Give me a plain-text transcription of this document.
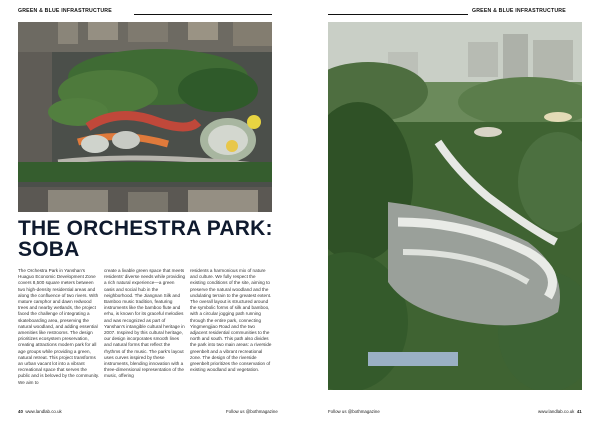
GREEN & BLUE INFRASTRUCTURE
THE ORCHESTRA PARK: SOBA

The Orchestra Park in Yanshan's Huaguo Economic Development Zone covers 8,500 square meters between two high-density residential areas and along the confluence of two rivers. With mature camphor and dawn redwood trees and nearby wetlands, the project faced the challenge of integrating a skateboarding area, preserving the natural woodland, and adding essential amenities like restrooms. The design prioritizes ecosystem preservation, creating attractions modern park for all age groups while providing a green, natural retreat. This project transforms an urban vacant lot into a vibrant recreational space that serves the public and is beloved by the community. We aim to

create a livable green space that meets residents' diverse needs while providing a rich natural experience—a green oasis and social hub in the neighborhood. The Jiangnan Silk and Bamboo music tradition, featuring instruments like the bamboo flute and erhu, is known for its graceful melodies and was recognized as part of Yanshan's intangible cultural heritage in 2007. Inspired by this cultural heritage, our design incorporates smooth lines and natural forms that reflect the rhythms of the music. The park's layout uses curves inspired by these instruments, blending innovation with a three-dimensional representation of the music, offering

residents a harmonious mix of nature and culture. We fully respect the existing conditions of the site, aiming to preserve the natural woodland and the undulating terrain to the greatest extent. The overall layout is structured around the symbolic forms of silk and bamboo, with a circular jogging path running through the entire park, connecting Yingmengjiao Road and the two adjacent residential communities to the north and south. This path also divides the park into two main areas: a riverside greenbelt and a vibrant recreational zone. The design of the riverside greenbelt prioritizes the conservation of existing woodland and vegetation.

40 www.landlab.co.uk	Follow us @bothmagazine
GREEN & BLUE INFRASTRUCTURE
Follow us @bothmagazine	www.landlab.co.uk 41
